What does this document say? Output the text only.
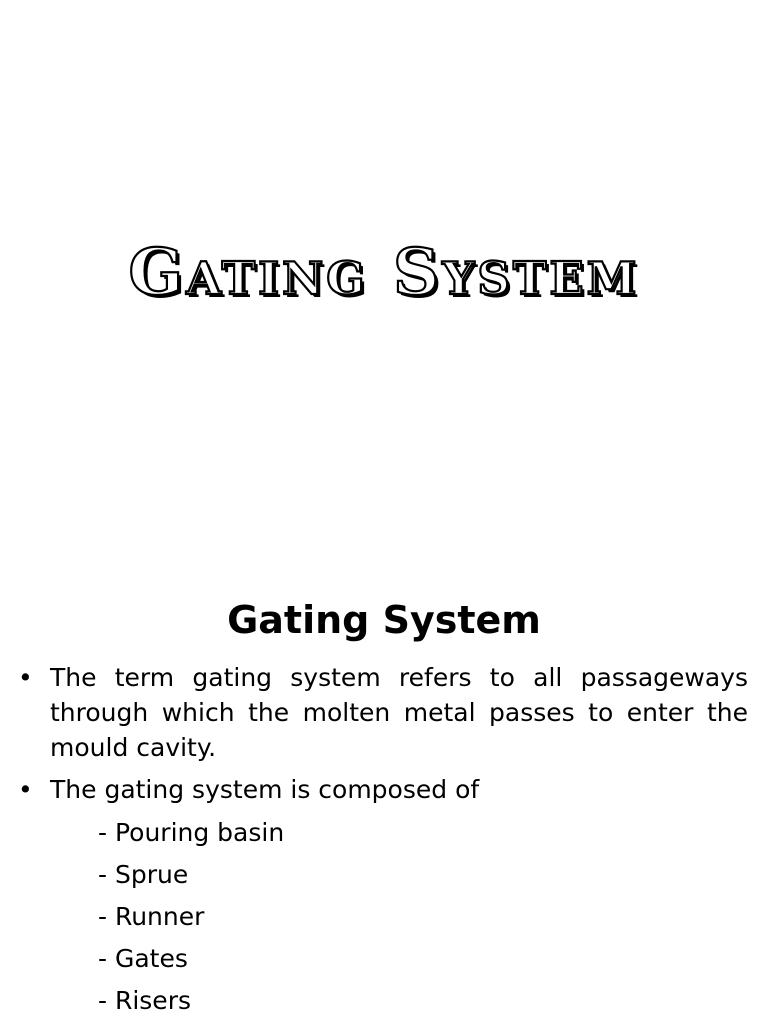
Gating System
Gating System
• The term gating system refers to all passageways
through which the molten metal passes to enter the mould cavity.
• The gating system is composed of
- Pouring basin
- Sprue
- Runner
- Gates
- Risers
